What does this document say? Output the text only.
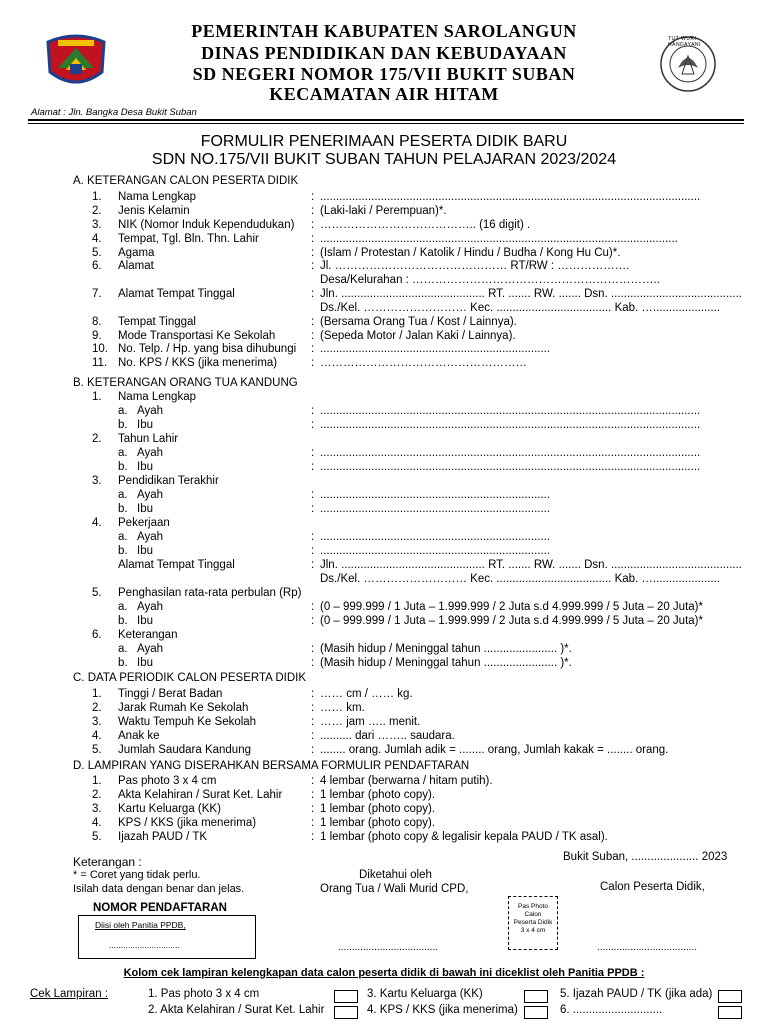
TUT WURI HANDAYANI
PEMERINTAH KABUPATEN SAROLANGUN
DINAS PENDIDIKAN DAN KEBUDAYAAN
SD NEGERI NOMOR 175/VII BUKIT SUBAN
KECAMATAN AIR HITAM
Alamat : Jln. Bangka Desa Bukit Suban
FORMULIR PENERIMAAN PESERTA DIDIK BARU
SDN NO.175/VII BUKIT SUBAN TAHUN PELAJARAN 2023/2024
A. KETERANGAN CALON PESERTA DIDIK
1. Nama Lengkap	: .......................................................................................................................
2. Jenis Kelamin	: (Laki-laki / Perempuan)*.
3. NIK (Nomor Induk Kependudukan) : ………………………………….. (16 digit) .
4. Tempat, Tgl. Bln. Thn. Lahir	: ................................................................................................................
5. Agama	: (Islam / Protestan / Katolik / Hindu / Budha / Kong Hu Cu)*.
6. Alamat	: Jl. ……………………………………… RT/RW : ……………….
Desa/Kelurahan : ………………………………………………………..
7. Alamat Tempat Tinggal	: Jln. ............................................. RT. ....... RW. ....... Dsn. .........................................
Ds./Kel. ……………………… Kec. .................................... Kab. ….....................
8. Tempat Tinggal	: (Bersama Orang Tua / Kost / Lainnya).
9. Mode Transportasi Ke Sekolah	: (Sepeda Motor / Jalan Kaki / Lainnya).
10. No. Telp. / Hp. yang bisa dihubungi : ........................................................................
11. No. KPS / KKS (jika menerima)	: ………………………………………………
B. KETERANGAN ORANG TUA KANDUNG
1. Nama Lengkap
a. Ayah	: .......................................................................................................................
b. Ibu	: .......................................................................................................................
2. Tahun Lahir
a. Ayah	: .......................................................................................................................
b. Ibu	: .......................................................................................................................
3. Pendidikan Terakhir
a. Ayah	: ........................................................................
b. Ibu	: ........................................................................
4. Pekerjaan
a. Ayah	: ........................................................................
b. Ibu	: ........................................................................
Alamat Tempat Tinggal	: Jln. ............................................. RT. ....... RW. ....... Dsn. .........................................
Ds./Kel. ……………………… Kec. .................................... Kab. ….....................
5. Penghasilan rata-rata perbulan (Rp)
a. Ayah	: (0 – 999.999 / 1 Juta – 1.999.999 / 2 Juta s.d 4.999.999 / 5 Juta – 20 Juta)*
b. Ibu	: (0 – 999.999 / 1 Juta – 1.999.999 / 2 Juta s.d 4.999.999 / 5 Juta – 20 Juta)*
6. Keterangan
a. Ayah	: (Masih hidup / Meninggal tahun ....................... )*.
b. Ibu	: (Masih hidup / Meninggal tahun ....................... )*.
C. DATA PERIODIK CALON PESERTA DIDIK
1. Tinggi / Berat Badan	: …… cm / …… kg.
2. Jarak Rumah Ke Sekolah	: …… km.
3. Waktu Tempuh Ke Sekolah	: …… jam ….. menit.
4. Anak ke	: .......... dari …….. saudara.
5. Jumlah Saudara Kandung	: ........ orang. Jumlah adik = ........ orang, Jumlah kakak = ........ orang.
D. LAMPIRAN YANG DISERAHKAN BERSAMA FORMULIR PENDAFTARAN
1. Pas photo 3 x 4 cm	: 4 lembar (berwarna / hitam putih).
2. Akta Kelahiran / Surat Ket. Lahir : 1 lembar (photo copy).
3. Kartu Keluarga (KK)	: 1 lembar (photo copy).
4. KPS / KKS (jika menerima)	: 1 lembar (photo copy).
5. Ijazah PAUD / TK	: 1 lembar (photo copy & legalisir kepala PAUD / TK asal).
Keterangan :
* = Coret yang tidak perlu.
Isilah data dengan benar dan jelas.
Bukit Suban, ..................... 2023
Diketahui oleh
Orang Tua / Wali Murid CPD,	Calon Peserta Didik,
NOMOR PENDAFTARAN
Diisi oleh Panitia PPDB,
..............................
Pas Photo
Calon
Peserta Didik
3 x 4 cm
....................................	....................................
Kolom cek lampiran kelengkapan data calon peserta didik di bawah ini diceklist oleh Panitia PPDB :
Cek Lampiran :	1. Pas photo 3 x 4 cm
2. Akta Kelahiran / Surat Ket. Lahir
3. Kartu Keluarga (KK)
4. KPS / KKS (jika menerima)
5. Ijazah PAUD / TK (jika ada)
6. ............................
